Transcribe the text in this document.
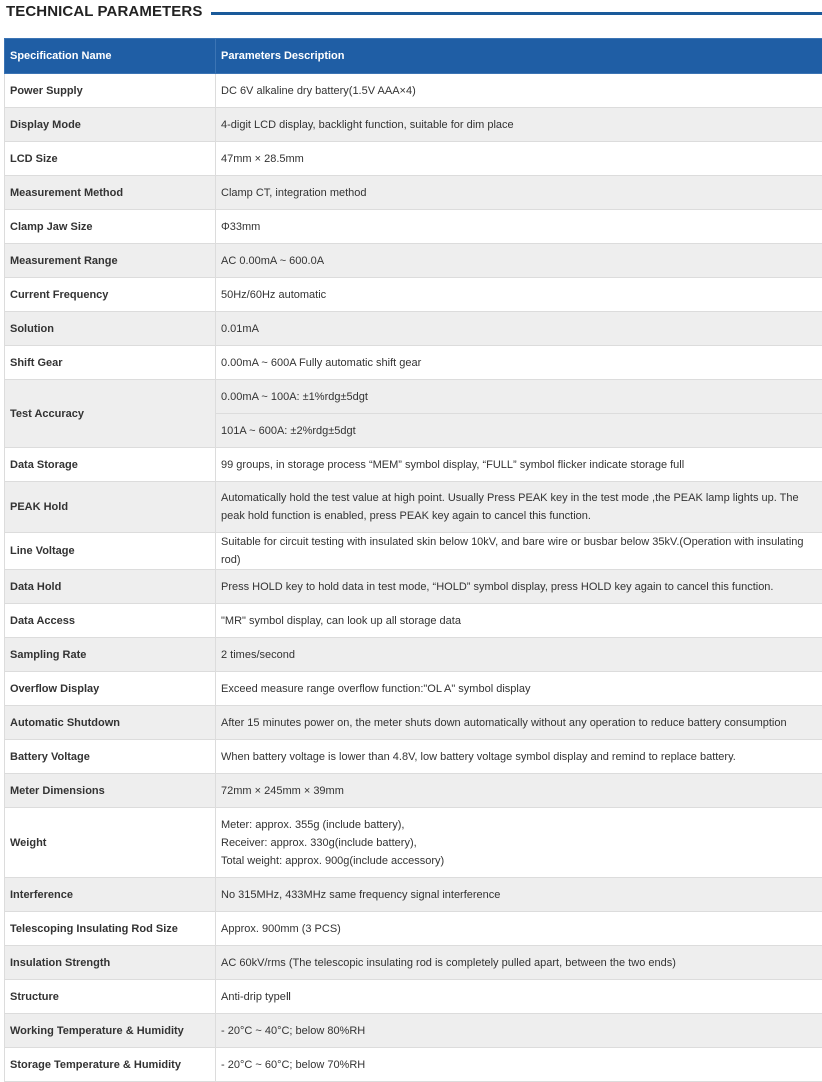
TECHNICAL PARAMETERS
Specification Name	Parameters Description
Power Supply	DC 6V alkaline dry battery(1.5V AAA×4)
Display Mode	4-digit LCD display, backlight function, suitable for dim place
LCD Size	47mm × 28.5mm
Measurement Method	Clamp CT, integration method
Clamp Jaw Size	Φ33mm
Measurement Range	AC 0.00mA ~ 600.0A
Current Frequency	50Hz/60Hz automatic
Solution	0.01mA
Shift Gear	0.00mA ~ 600A Fully automatic shift gear
Test Accuracy	0.00mA ~ 100A: ±1%rdg±5dgt
	101A ~ 600A: ±2%rdg±5dgt
Data Storage	99 groups, in storage process “MEM” symbol display, “FULL” symbol flicker indicate storage full
PEAK Hold	Automatically hold the test value at high point. Usually Press PEAK key in the test mode ,the PEAK lamp lights up. The peak hold function is enabled, press PEAK key again to cancel this function.
Line Voltage	Suitable for circuit testing with insulated skin below 10kV, and bare wire or busbar below 35kV.(Operation with insulating rod)
Data Hold	Press HOLD key to hold data in test mode, “HOLD” symbol display, press HOLD key again to cancel this function.
Data Access	"MR" symbol display, can look up all storage data
Sampling Rate	2 times/second
Overflow Display	Exceed measure range overflow function:"OL A" symbol display
Automatic Shutdown	After 15 minutes power on, the meter shuts down automatically without any operation to reduce battery consumption
Battery Voltage	When battery voltage is lower than 4.8V, low battery voltage symbol display and remind to replace battery.
Meter Dimensions	72mm × 245mm × 39mm
Weight	Meter: approx. 355g (include battery),
Receiver: approx. 330g(include battery),
Total weight: approx. 900g(include accessory)

Interference	No 315MHz, 433MHz same frequency signal interference
Telescoping Insulating Rod Size	Approx. 900mm (3 PCS)
Insulation Strength	AC 60kV/rms (The telescopic insulating rod is completely pulled apart, between the two ends)
Structure	Anti-drip typeⅡ
Working Temperature & Humidity	- 20°C ~ 40°C; below 80%RH
Storage Temperature & Humidity	- 20°C ~ 60°C; below 70%RH
